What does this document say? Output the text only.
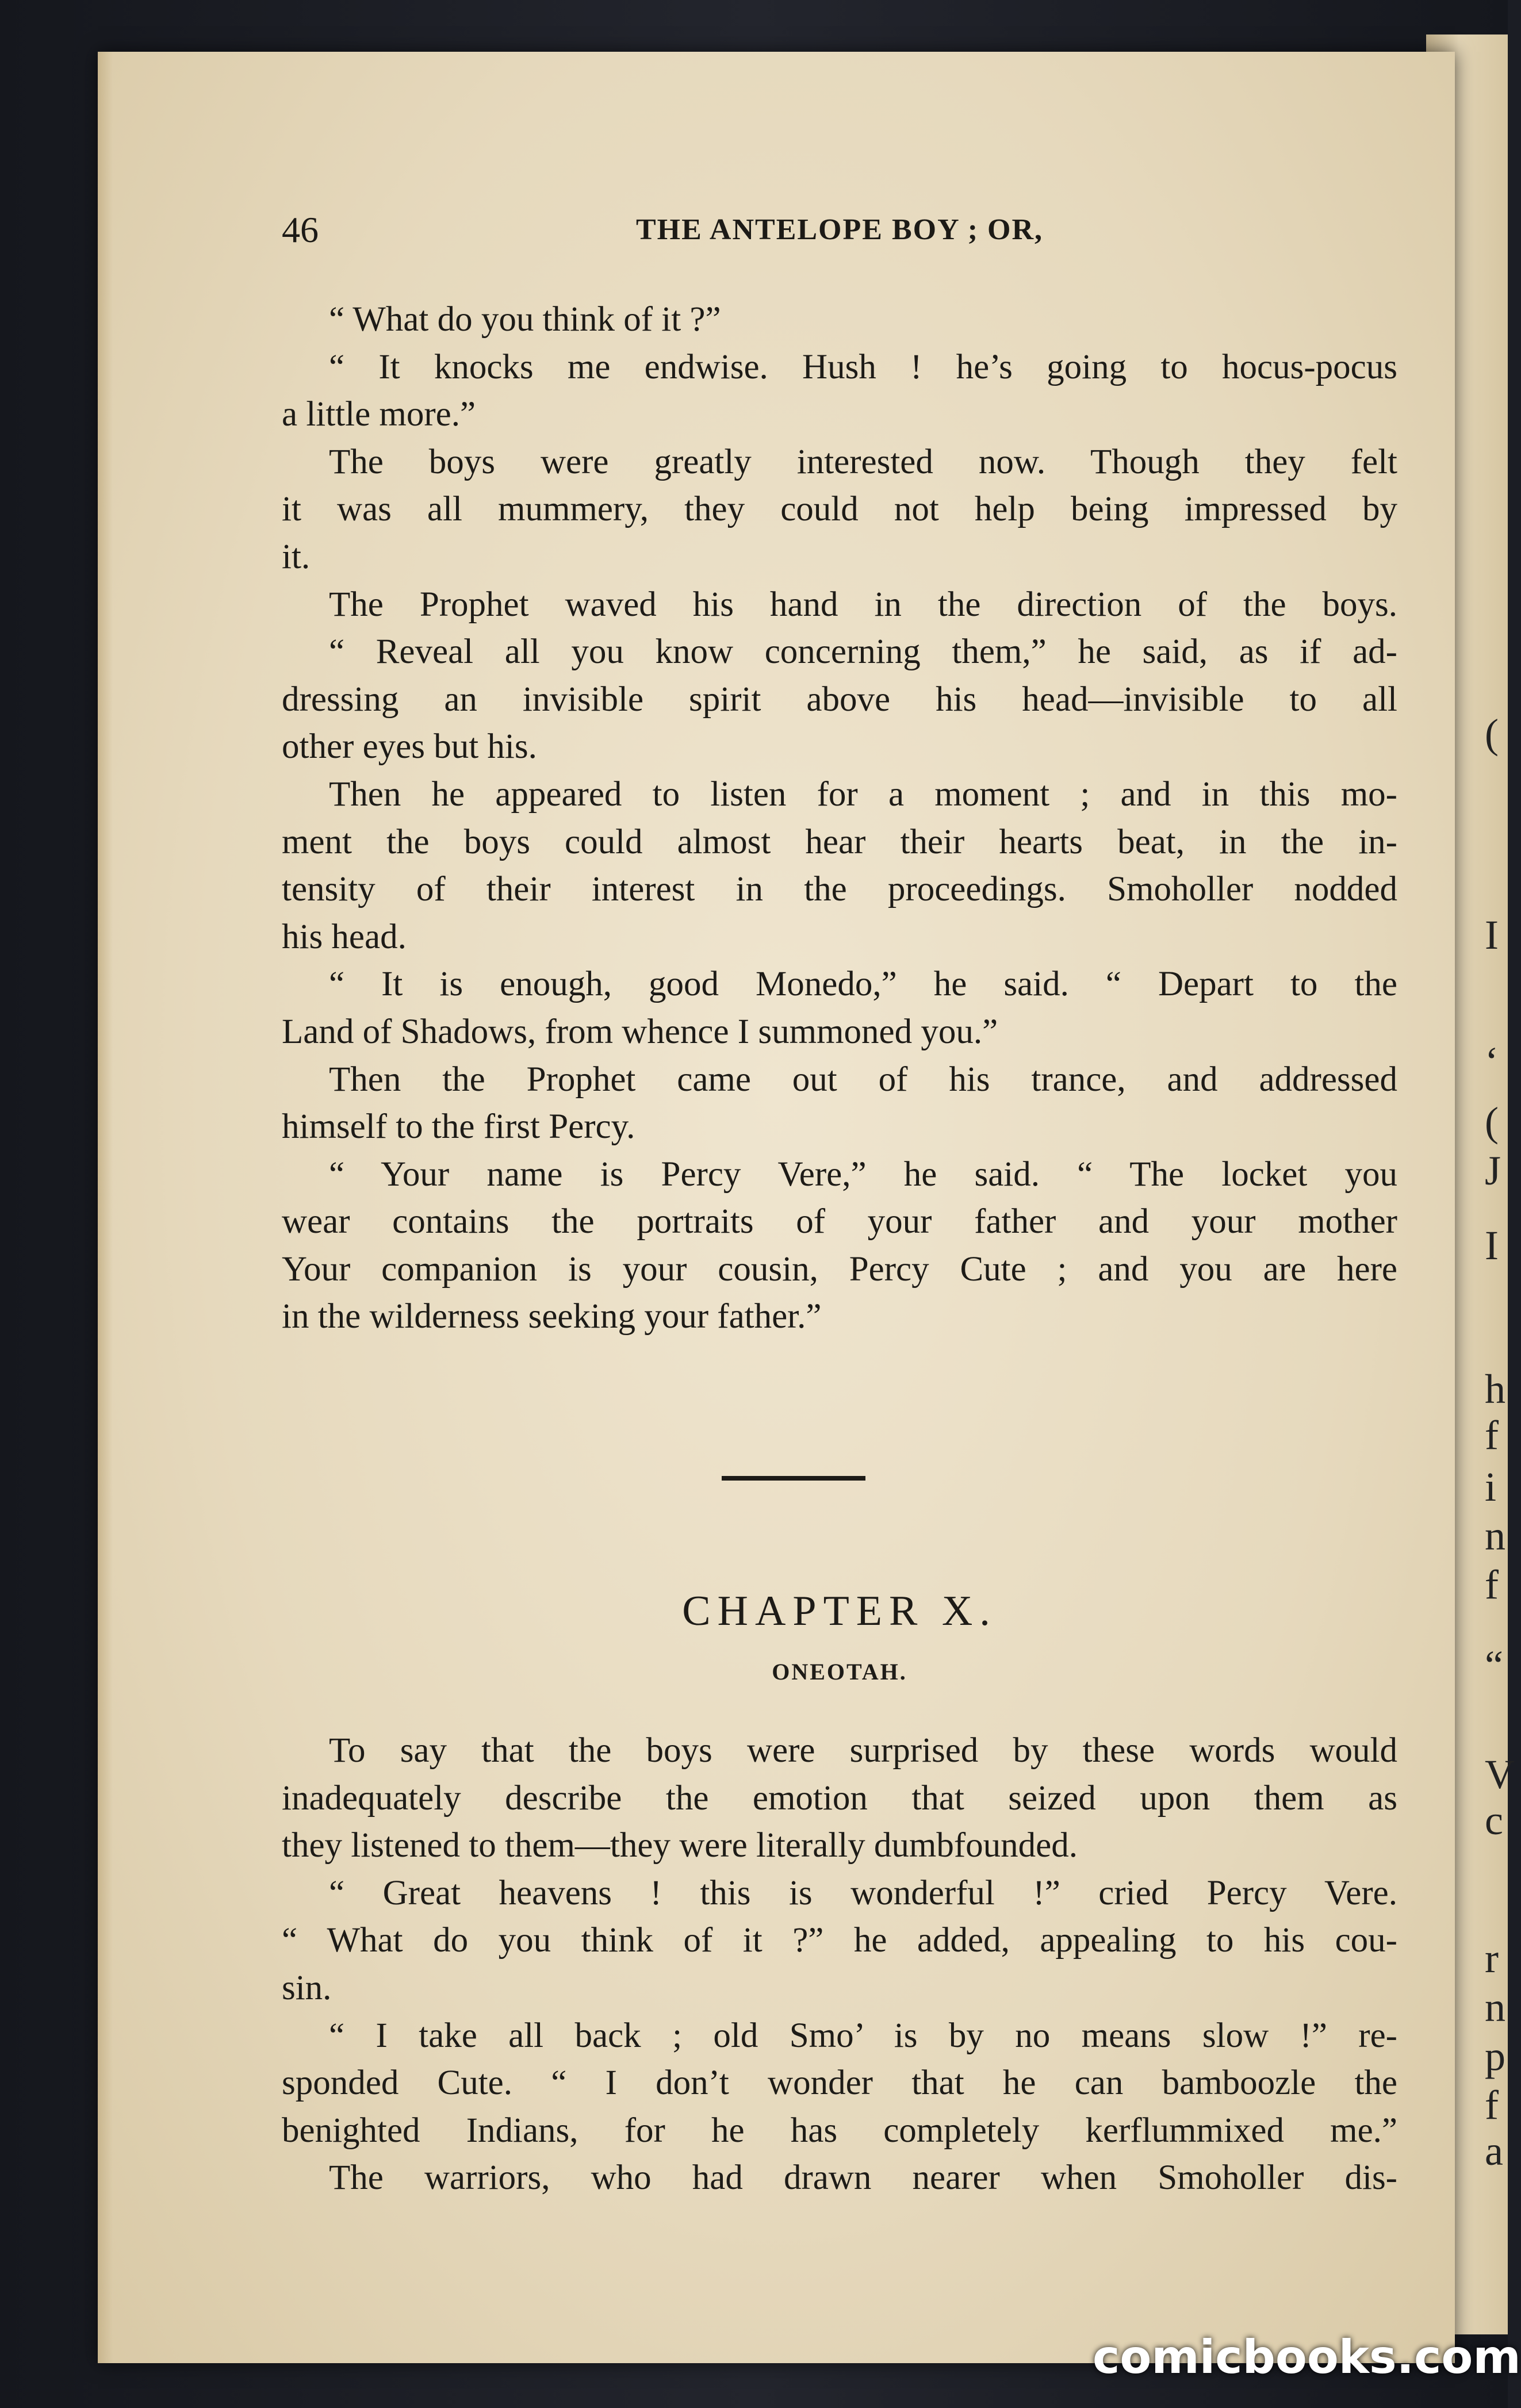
(
I
‘
(
J
I
h
f
i
n
f
“
V
c
r
n
p
f
a
46	THE ANTELOPE BOY ; OR,
“ What do you think of it ?”
“ It knocks me endwise. Hush ! he’s going to hocus-pocus
a little more.”
The boys were greatly interested now. Though they felt
it was all mummery, they could not help being impressed by
it.
The Prophet waved his hand in the direction of the boys.
“ Reveal all you know concerning them,” he said, as if ad-
dressing an invisible spirit above his head—invisible to all
other eyes but his.
Then he appeared to listen for a moment ; and in this mo-
ment the boys could almost hear their hearts beat, in the in-
tensity of their interest in the proceedings. Smoholler nodded
his head.
“ It is enough, good Monedo,” he said. “ Depart to the
Land of Shadows, from whence I summoned you.”
Then the Prophet came out of his trance, and addressed
himself to the first Percy.
“ Your name is Percy Vere,” he said. “ The locket you
wear contains the portraits of your father and your mother
Your companion is your cousin, Percy Cute ; and you are here
in the wilderness seeking your father.”
CHAPTER X.
ONEOTAH.
To say that the boys were surprised by these words would
inadequately describe the emotion that seized upon them as
they listened to them—they were literally dumbfounded.
“ Great heavens ! this is wonderful !” cried Percy Vere.
“ What do you think of it ?” he added, appealing to his cou-
sin.
“ I take all back ; old Smo’ is by no means slow !” re-
sponded Cute. “ I don’t wonder that he can bamboozle the
benighted Indians, for he has completely kerflummixed me.”
The warriors, who had drawn nearer when Smoholler dis-
comicbooks.com
